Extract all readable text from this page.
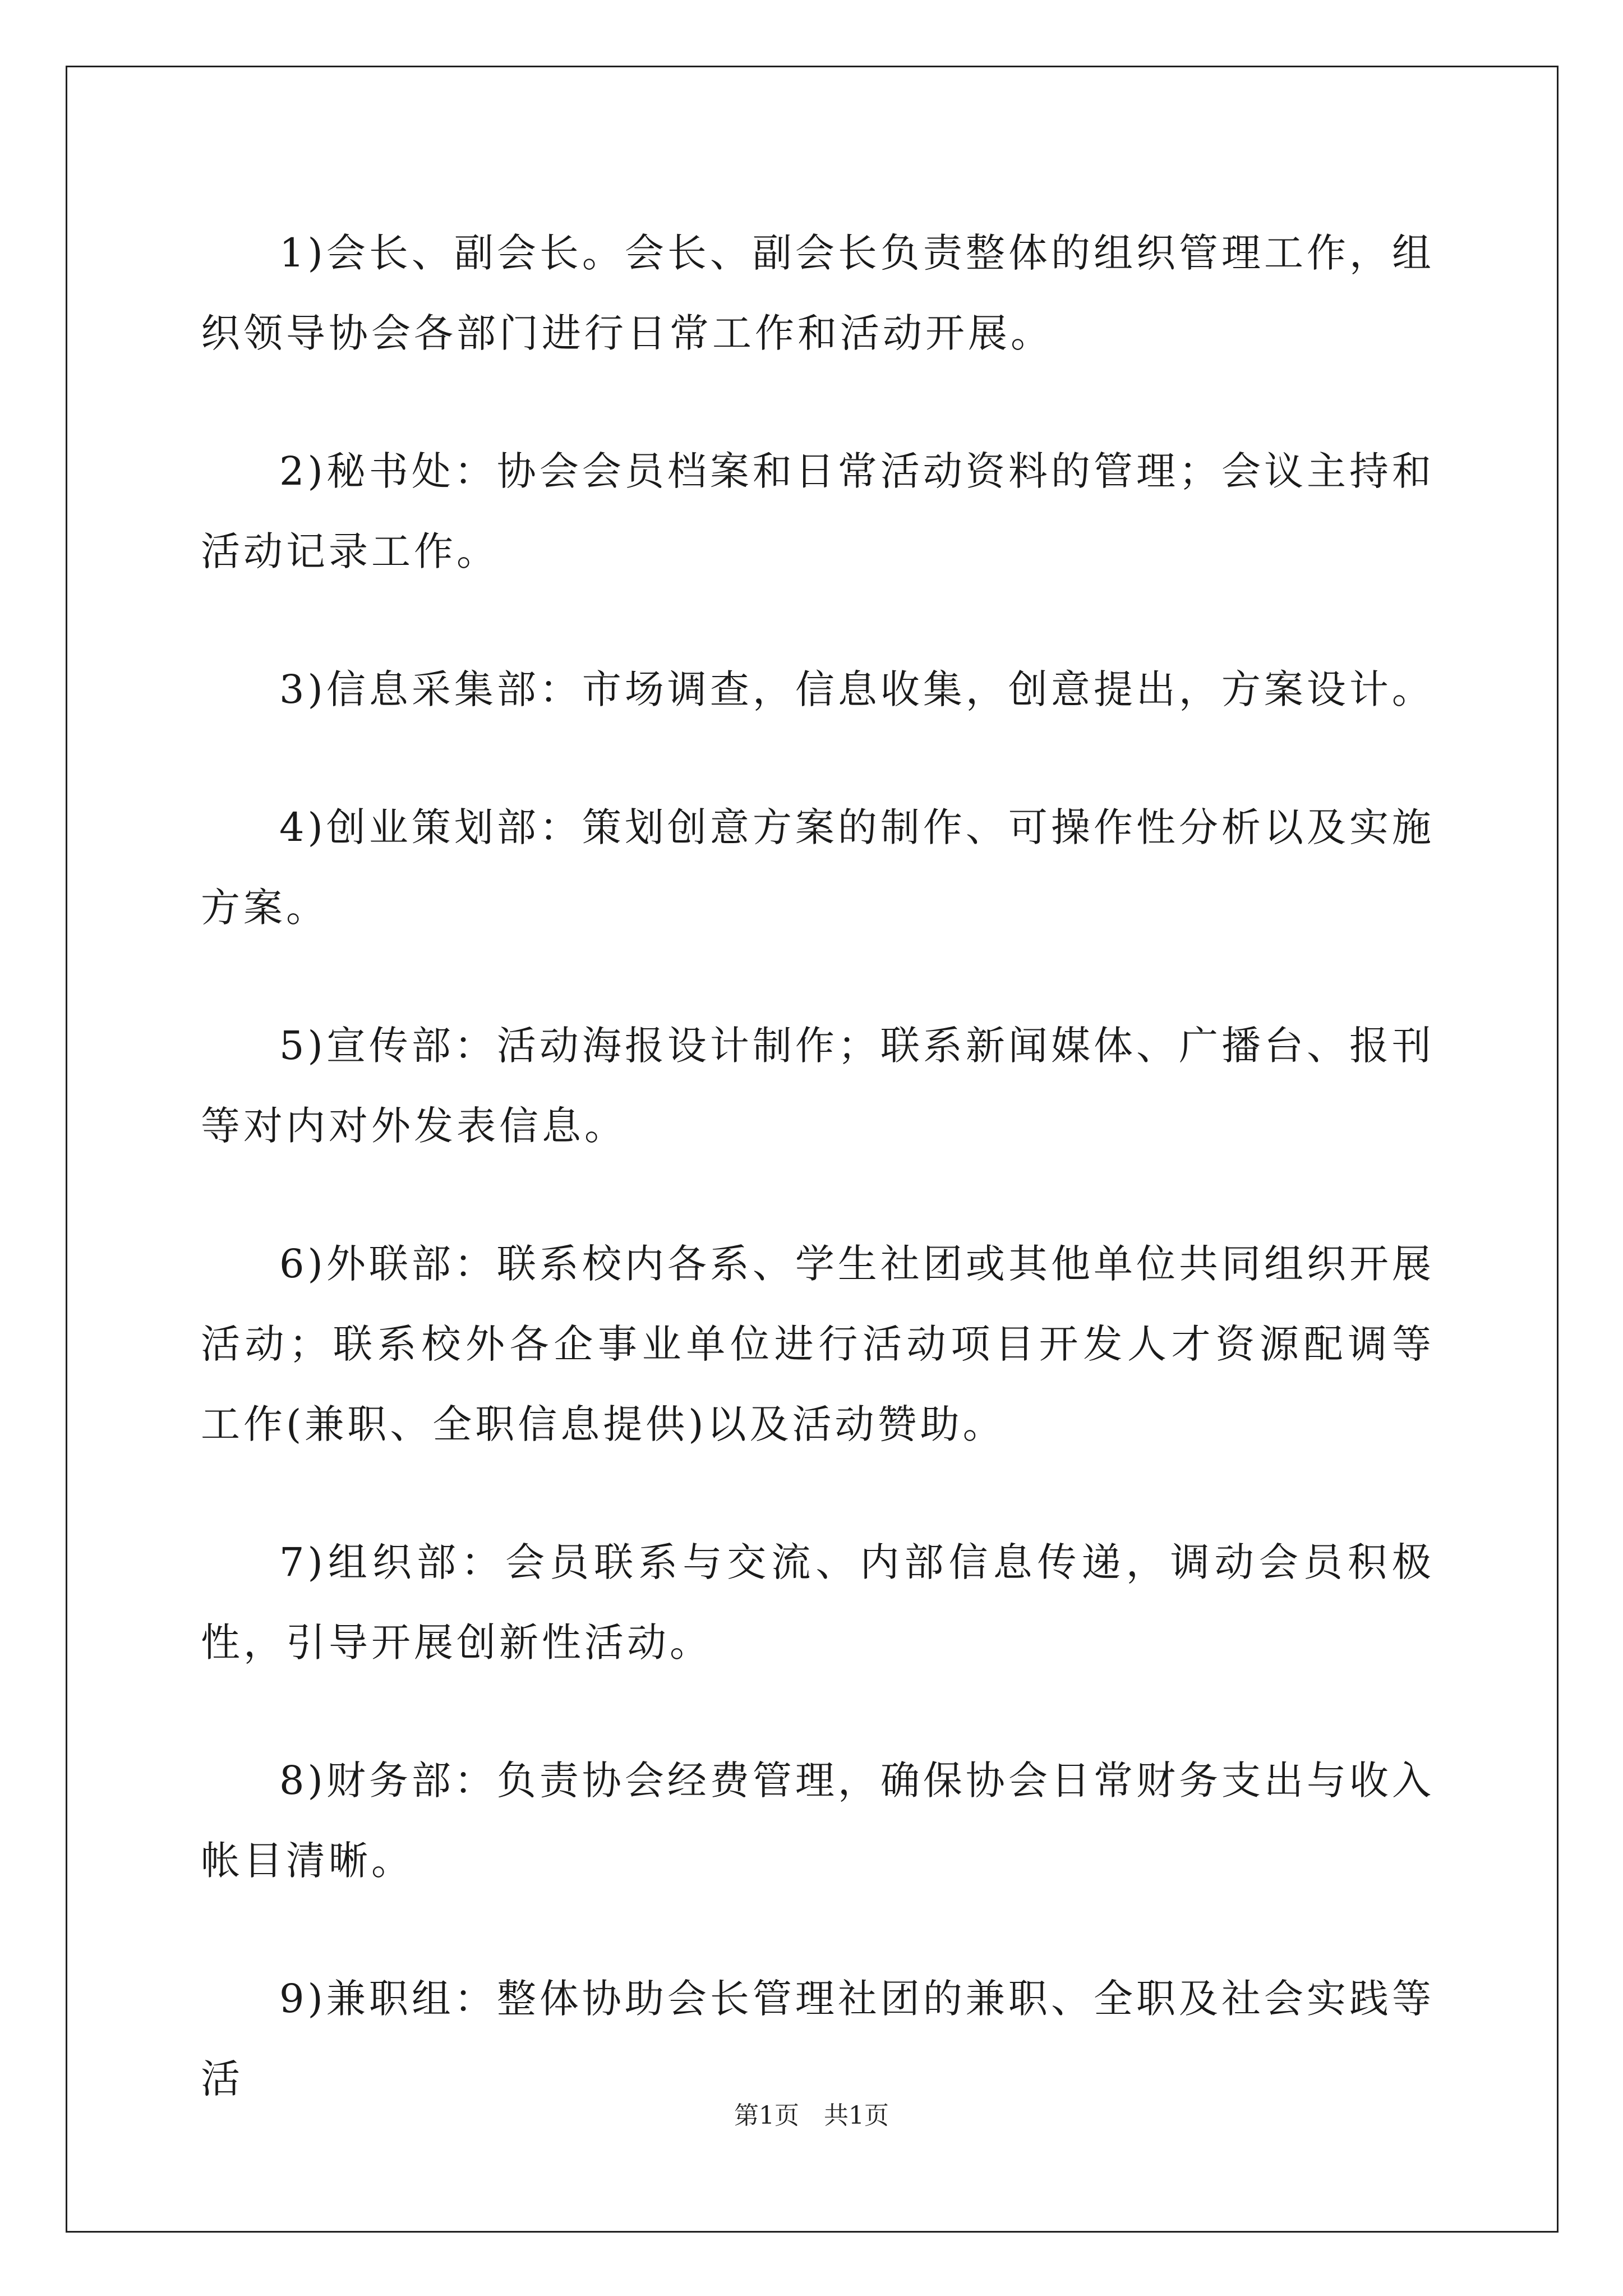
1)会长、副会长。会长、副会长负责整体的组织管理工作，组织领导协会各部门进行日常工作和活动开展。

2)秘书处：协会会员档案和日常活动资料的管理；会议主持和活动记录工作。

3)信息采集部：市场调查，信息收集，创意提出，方案设计。

4)创业策划部：策划创意方案的制作、可操作性分析以及实施方案。

5)宣传部：活动海报设计制作；联系新闻媒体、广播台、报刊等对内对外发表信息。

6)外联部：联系校内各系、学生社团或其他单位共同组织开展活动；联系校外各企事业单位进行活动项目开发人才资源配调等工作(兼职、全职信息提供)以及活动赞助。

7)组织部：会员联系与交流、内部信息传递，调动会员积极性，引导开展创新性活动。

8)财务部：负责协会经费管理，确保协会日常财务支出与收入帐目清晰。

9)兼职组：整体协助会长管理社团的兼职、全职及社会实践等活

第1页 共1页
